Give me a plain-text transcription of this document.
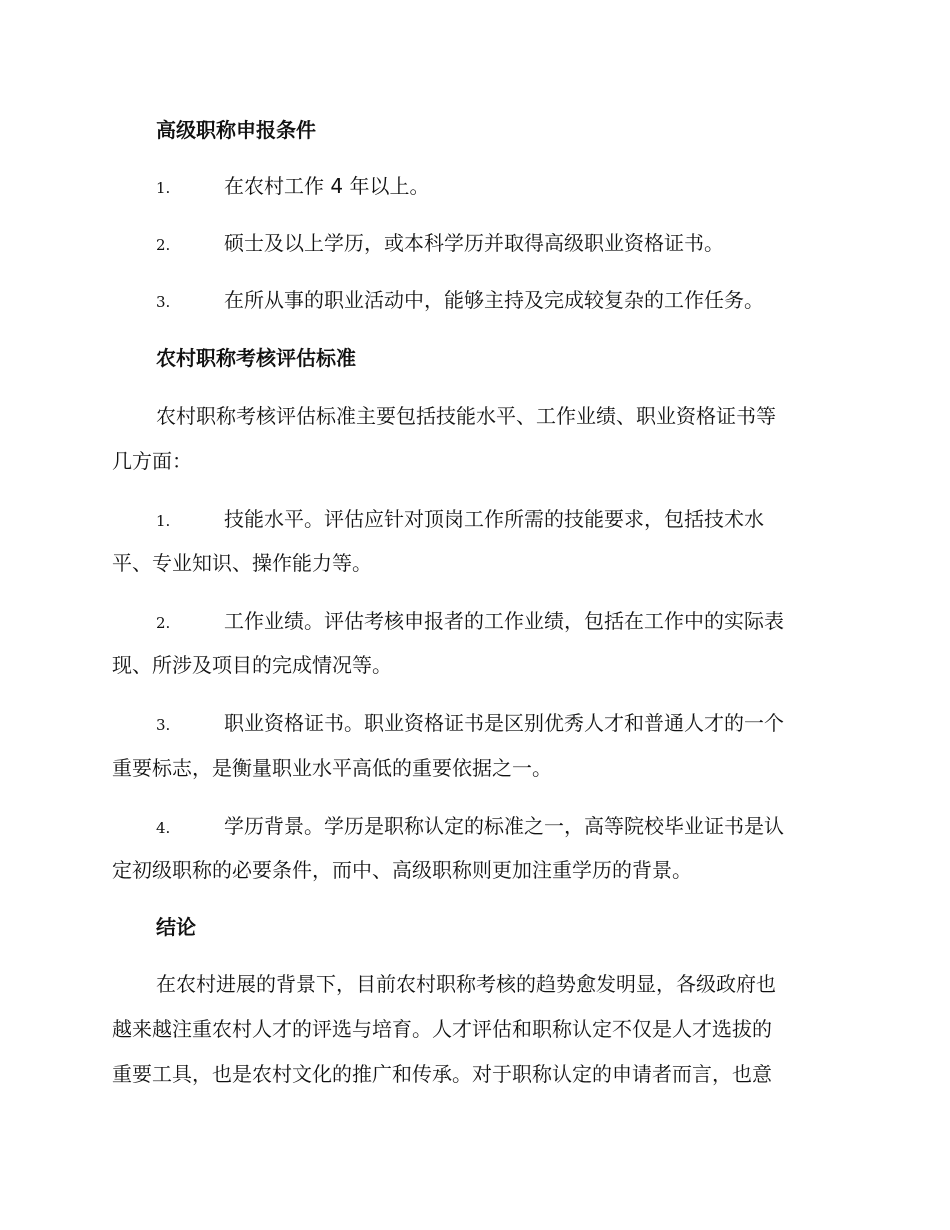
高级职称申报条件
1.	在农村工作 4 年以上。
2.	硕士及以上学历，或本科学历并取得高级职业资格证书。
3.	在所从事的职业活动中，能够主持及完成较复杂的工作任务。
农村职称考核评估标准
农村职称考核评估标准主要包括技能水平、工作业绩、职业资格证书等
几方面：
1.	技能水平。评估应针对顶岗工作所需的技能要求，包括技术水
平、专业知识、操作能力等。
2.	工作业绩。评估考核申报者的工作业绩，包括在工作中的实际表
现、所涉及项目的完成情况等。
3.	职业资格证书。职业资格证书是区别优秀人才和普通人才的一个
重要标志，是衡量职业水平高低的重要依据之一。
4.	学历背景。学历是职称认定的标准之一，高等院校毕业证书是认
定初级职称的必要条件，而中、高级职称则更加注重学历的背景。
结论
在农村进展的背景下，目前农村职称考核的趋势愈发明显，各级政府也
越来越注重农村人才的评选与培育。人才评估和职称认定不仅是人才选拔的
重要工具，也是农村文化的推广和传承。对于职称认定的申请者而言，也意
